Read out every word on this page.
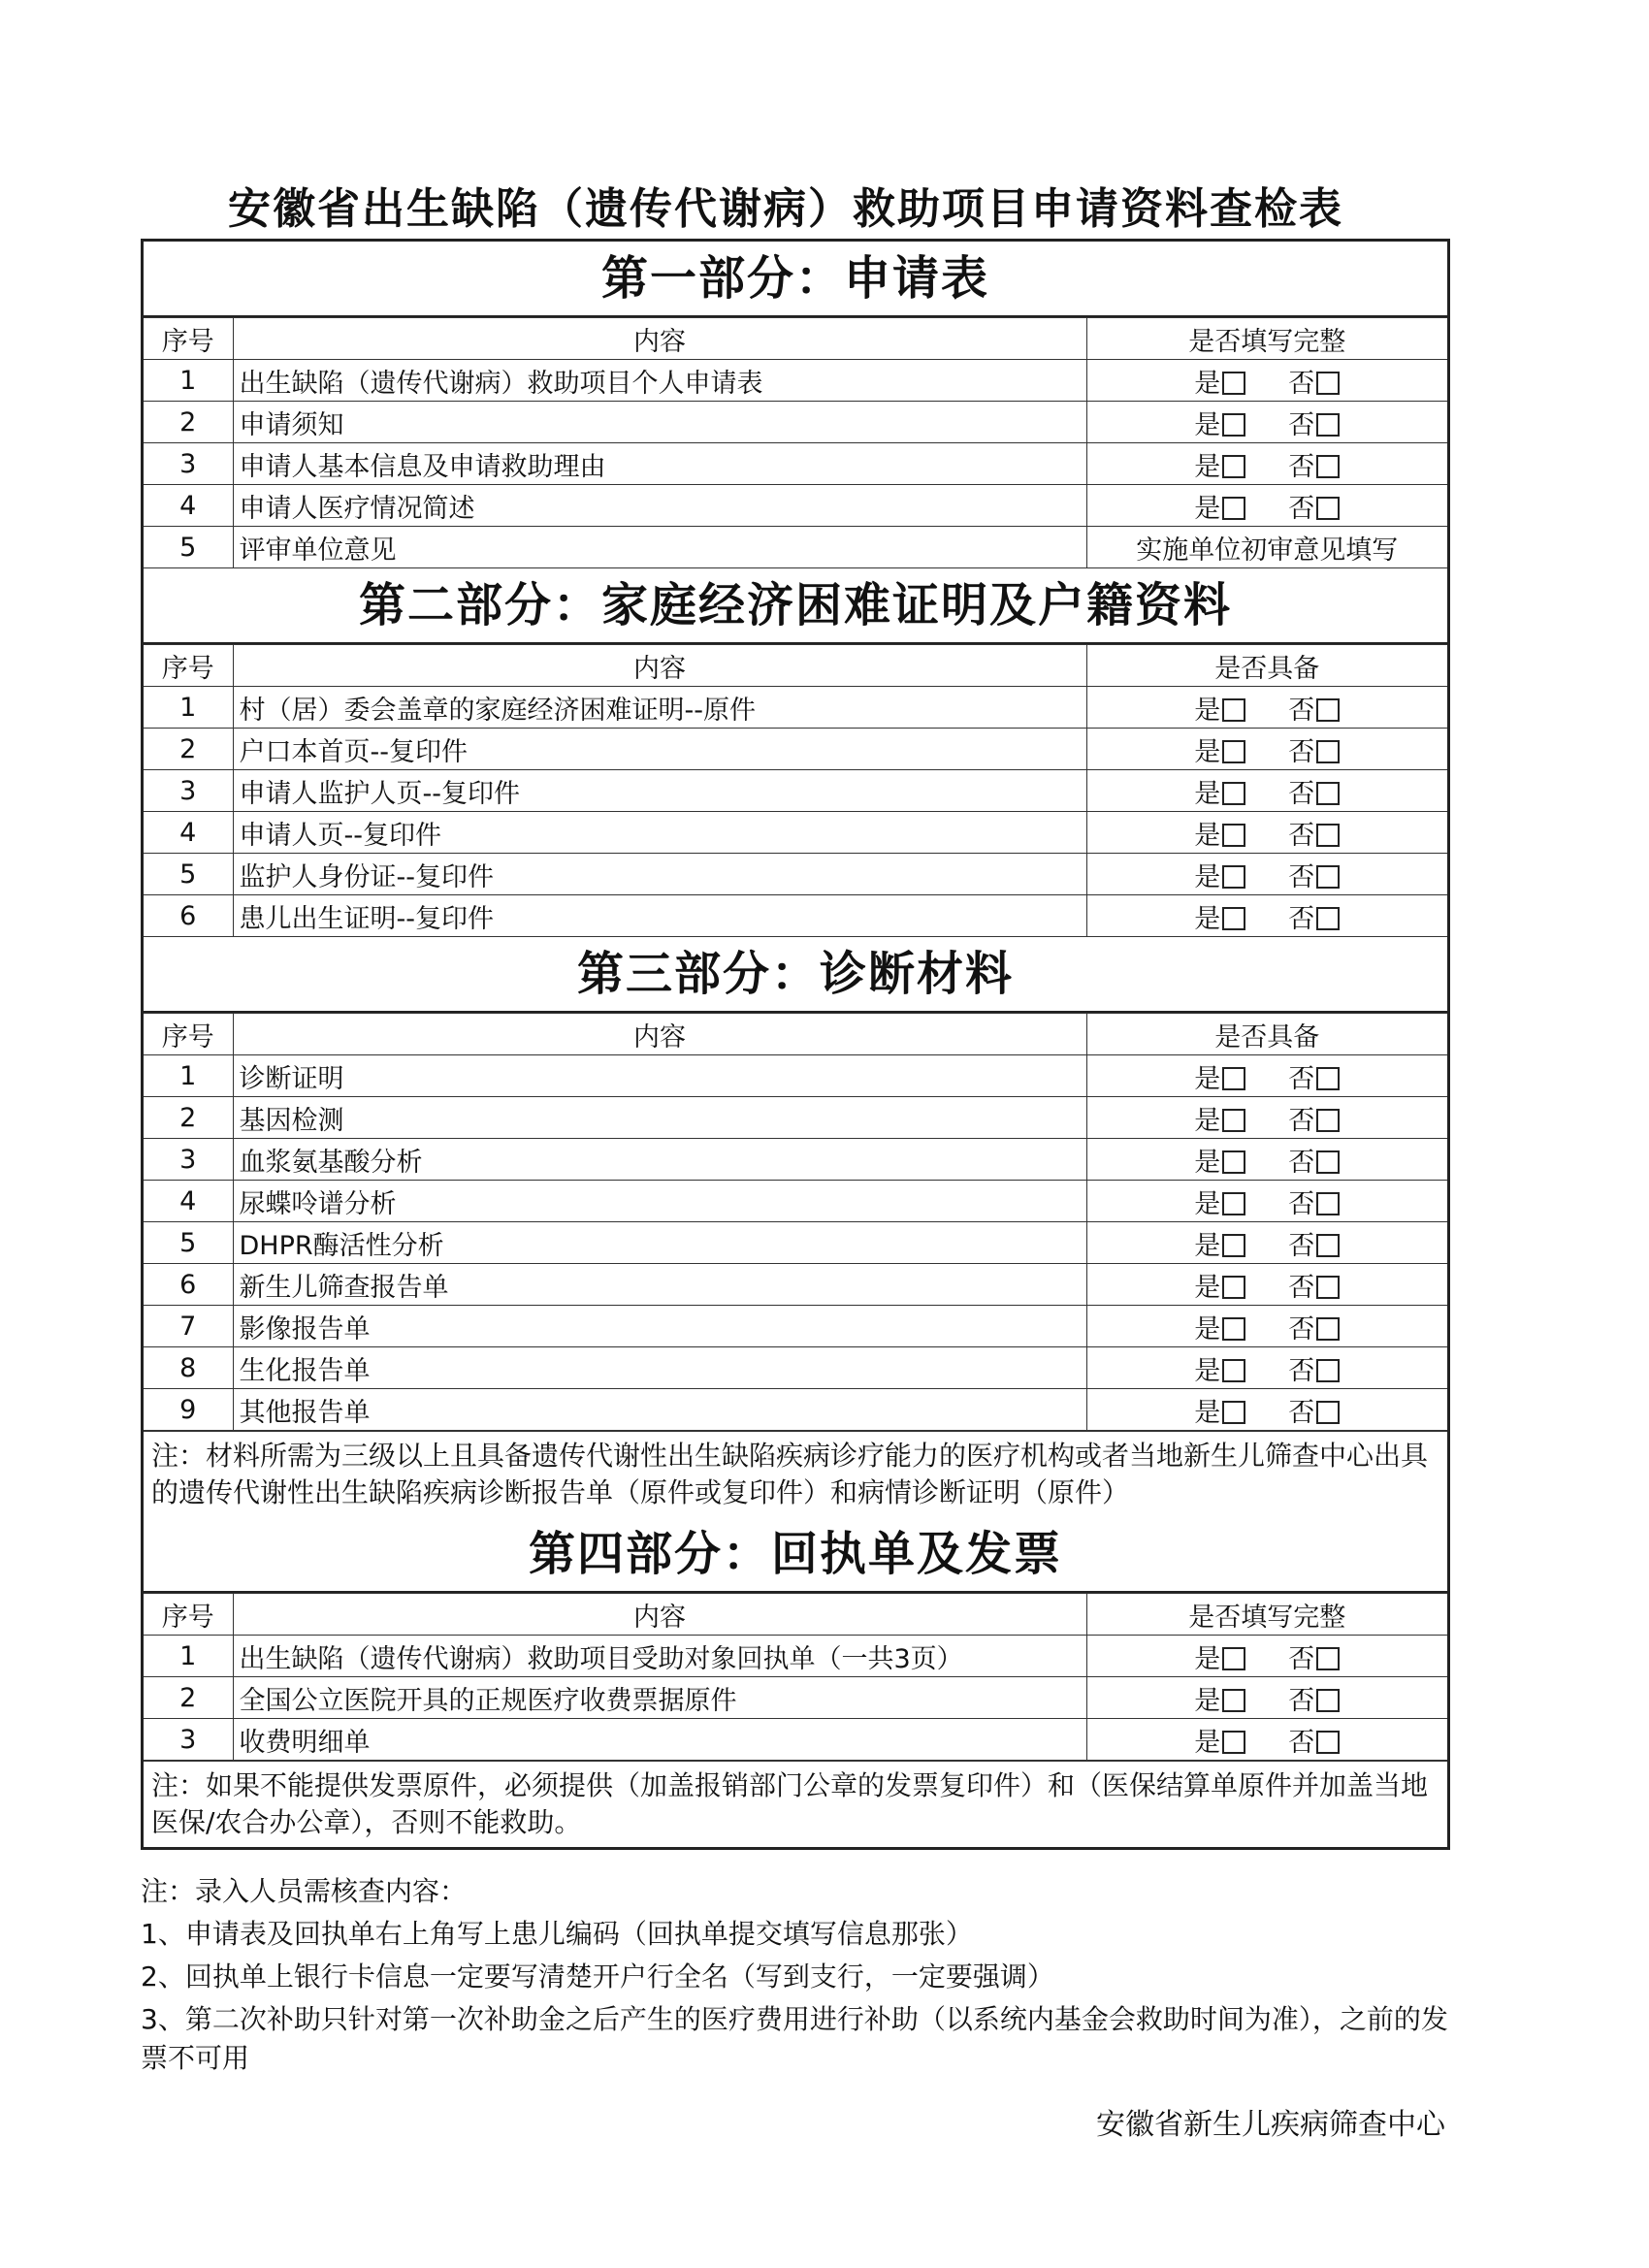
安徽省出生缺陷（遗传代谢病）救助项目申请资料查检表
第一部分：申请表
序号	内容	是否填写完整
1	出生缺陷（遗传代谢病）救助项目个人申请表	是 否
2	申请须知	是 否
3	申请人基本信息及申请救助理由	是 否
4	申请人医疗情况简述	是 否
5	评审单位意见	实施单位初审意见填写
第二部分：家庭经济困难证明及户籍资料
序号	内容	是否具备
1	村（居）委会盖章的家庭经济困难证明--原件	是 否
2	户口本首页--复印件	是 否
3	申请人监护人页--复印件	是 否
4	申请人页--复印件	是 否
5	监护人身份证--复印件	是 否
6	患儿出生证明--复印件	是 否
第三部分：诊断材料
序号	内容	是否具备
1	诊断证明	是 否
2	基因检测	是 否
3	血浆氨基酸分析	是 否
4	尿蝶呤谱分析	是 否
5	DHPR酶活性分析	是 否
6	新生儿筛查报告单	是 否
7	影像报告单	是 否
8	生化报告单	是 否
9	其他报告单	是 否
注：材料所需为三级以上且具备遗传代谢性出生缺陷疾病诊疗能力的医疗机构或者当地新生儿筛查中心出具的遗传代谢性出生缺陷疾病诊断报告单（原件或复印件）和病情诊断证明（原件）
第四部分：回执单及发票
序号	内容	是否填写完整
1	出生缺陷（遗传代谢病）救助项目受助对象回执单（一共3页）	是 否
2	全国公立医院开具的正规医疗收费票据原件	是 否
3	收费明细单	是 否
注：如果不能提供发票原件，必须提供（加盖报销部门公章的发票复印件）和（医保结算单原件并加盖当地医保/农合办公章），否则不能救助。

注：录入人员需核查内容：

1、申请表及回执单右上角写上患儿编码（回执单提交填写信息那张）

2、回执单上银行卡信息一定要写清楚开户行全名（写到支行，一定要强调）

3、第二次补助只针对第一次补助金之后产生的医疗费用进行补助（以系统内基金会救助时间为准），之前的发票不可用

安徽省新生儿疾病筛查中心
